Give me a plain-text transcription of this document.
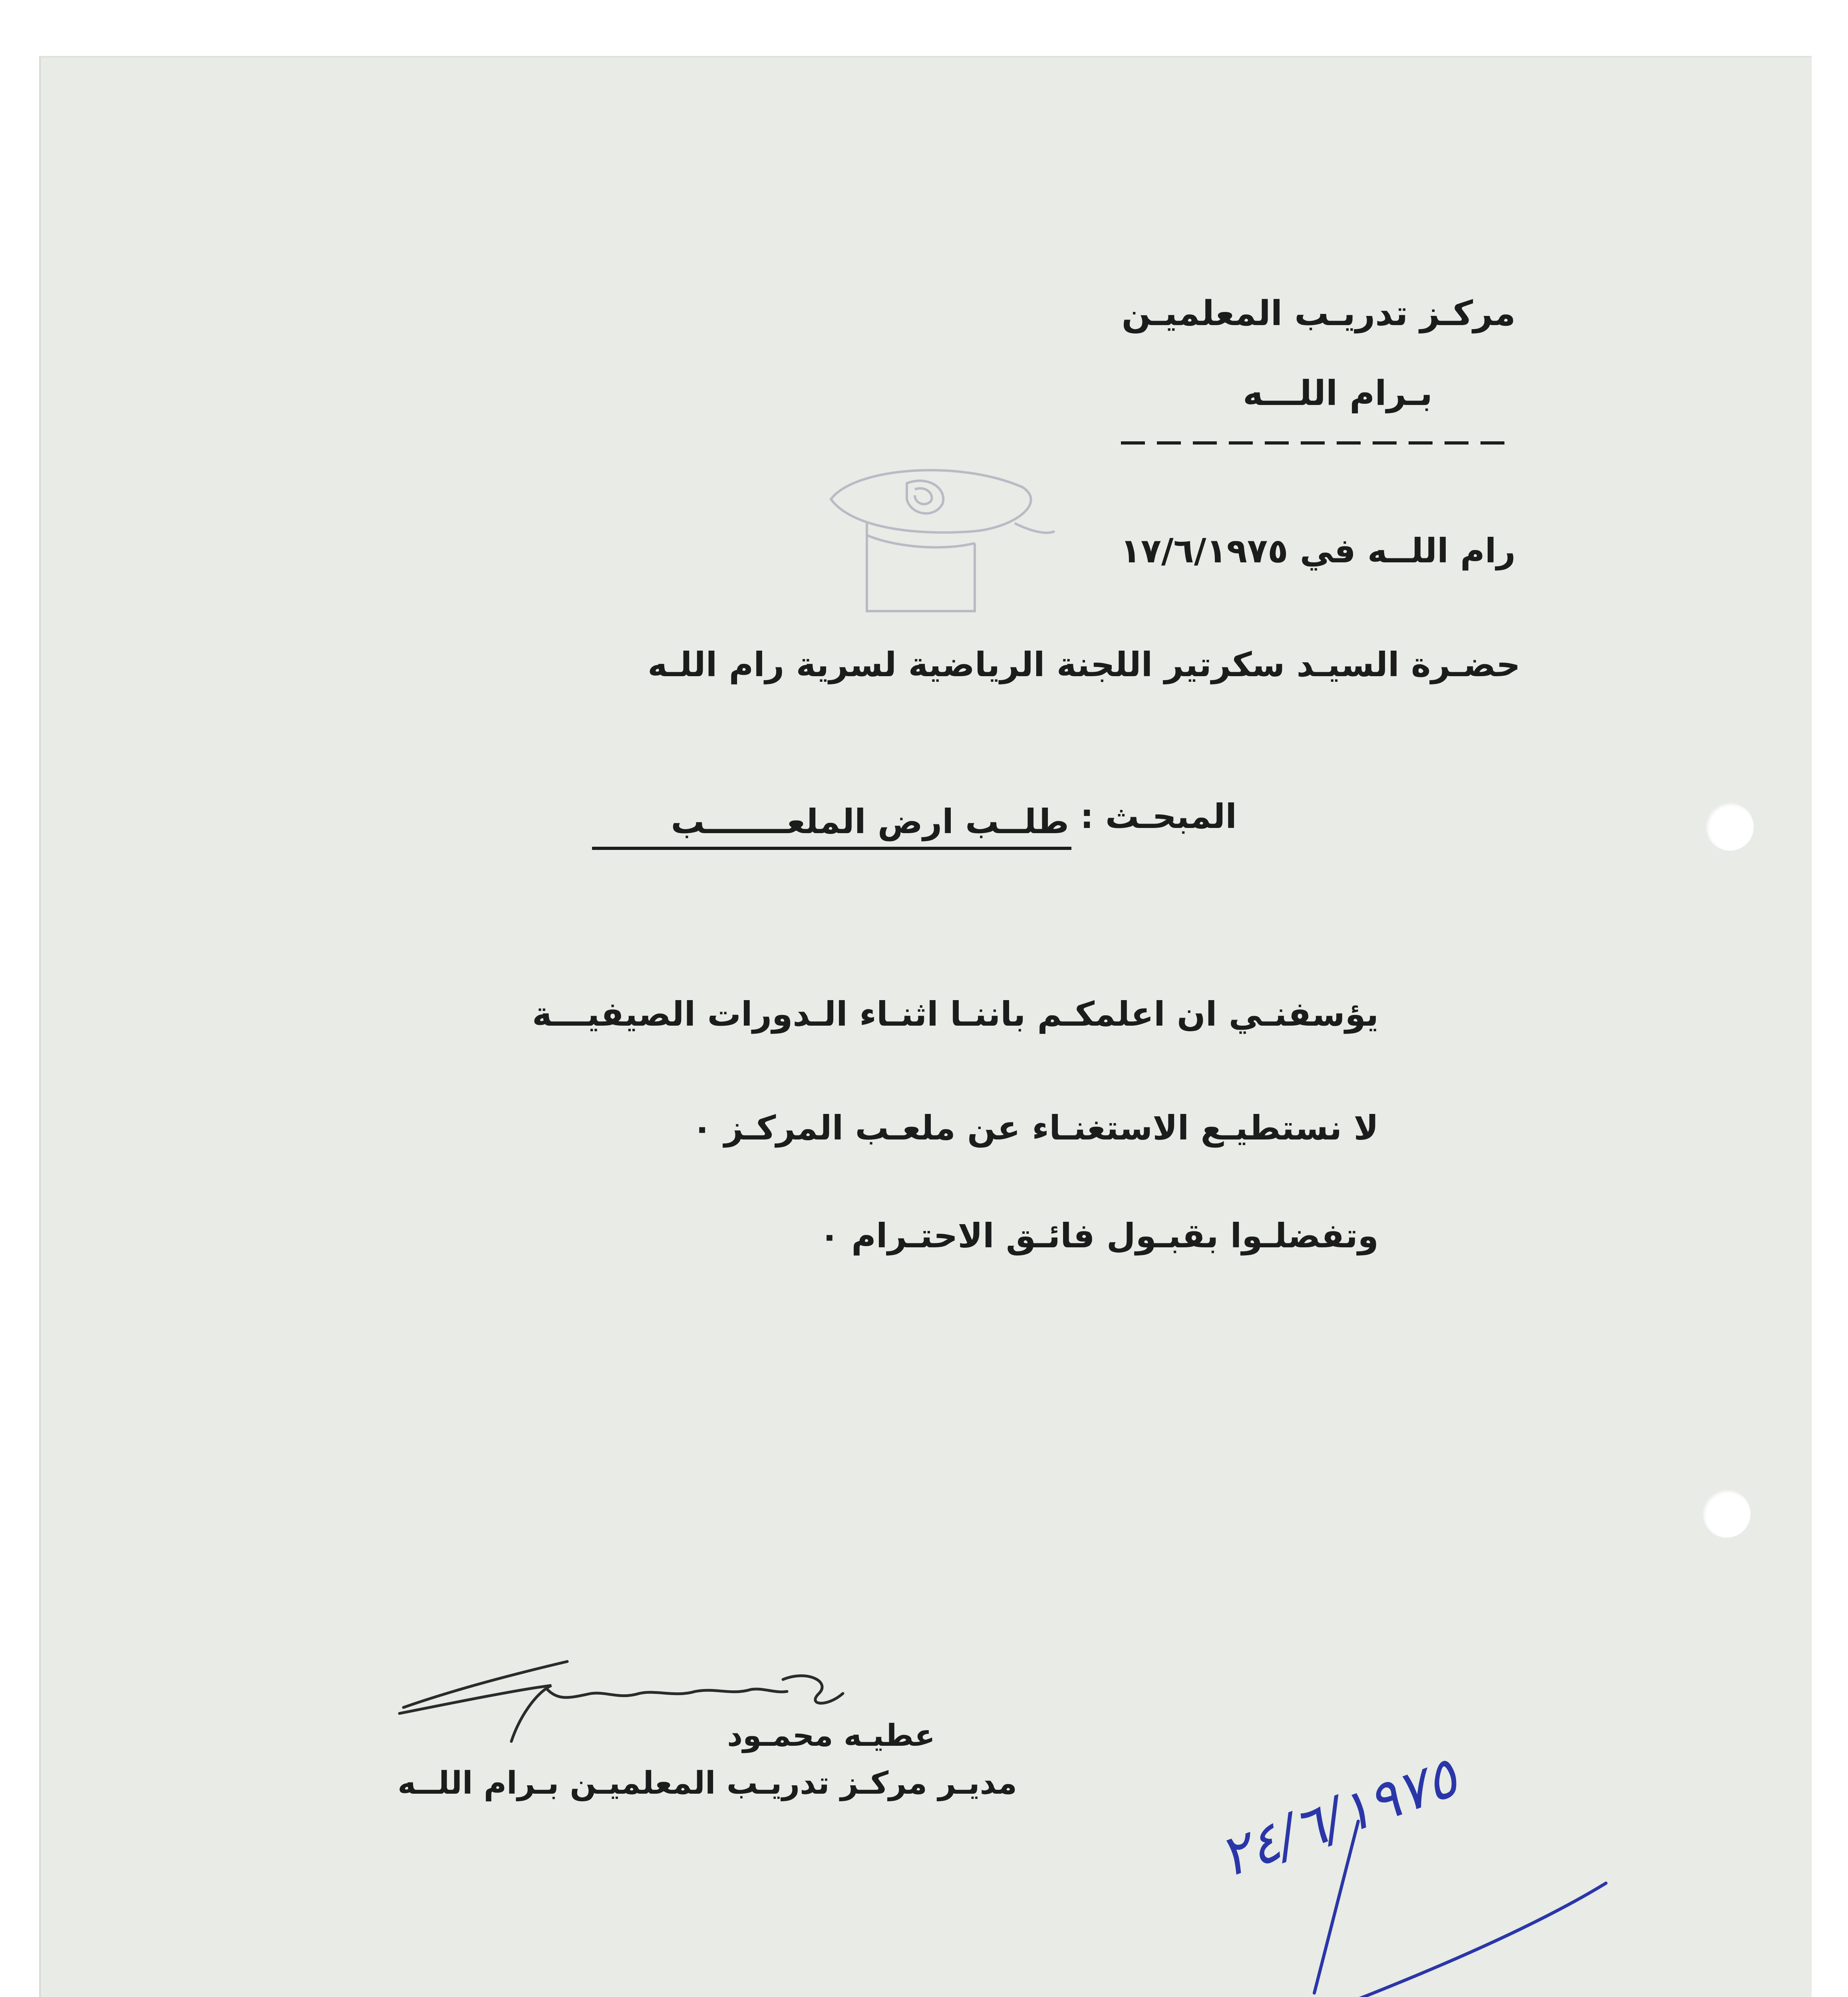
مركـز تدريـب المعلميـن
بـرام اللـــه
رام اللــه في ١٧/٦/١٩٧٥
حضـرة السيـد سكرتير اللجنة الرياضية لسرية رام اللـه
المبحـث :
طلــب ارض الملعـــــــب
يؤسفنـي ان اعلمكـم باننـا اثنـاء الـدورات الصيفيـــة
لا نستطيـع الاستغنـاء عن ملعـب المركـز ٠
وتفضلـوا بقبـول فائـق الاحتـرام ٠
عطيـه محمـود
مديـر مركـز تدريـب المعلميـن بـرام اللــه	٢٤/٦/١٩٧٥
